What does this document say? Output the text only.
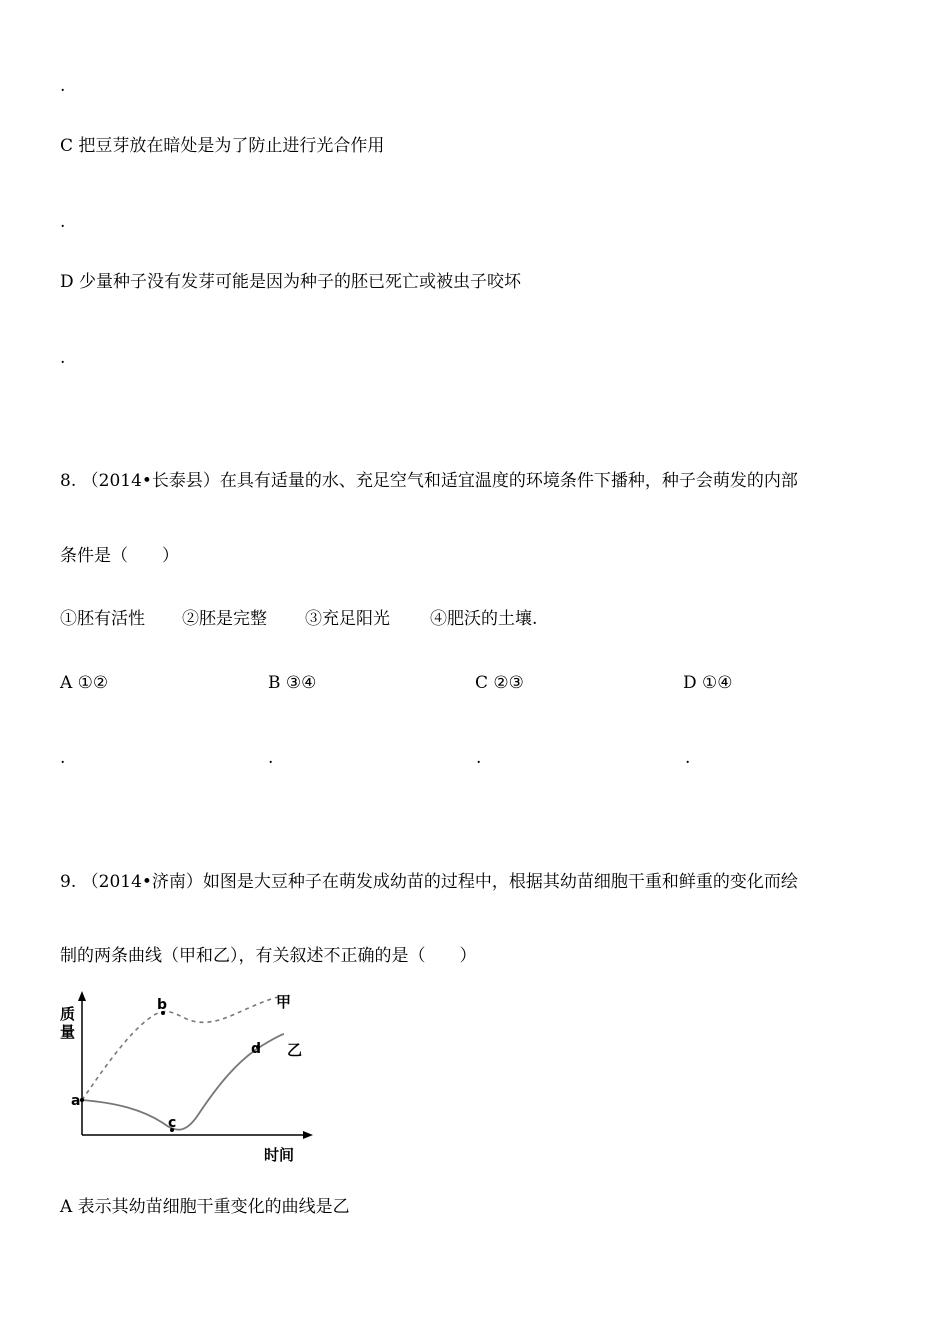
.
C 把豆芽放在暗处是为了防止进行光合作用
.
D 少量种子没有发芽可能是因为种子的胚已死亡或被虫子咬坏
.
8. （2014•长泰县）在具有适量的水、充足空气和适宜温度的环境条件下播种，种子会萌发的内部
条件是（　　）
①胚有活性 ②胚是完整 ③充足阳光 ④肥沃的土壤.
A ①②	B ③④	C ②③	D ①④
.	.	.	.
9. （2014•济南）如图是大豆种子在萌发成幼苗的过程中，根据其幼苗细胞干重和鲜重的变化而绘
制的两条曲线（甲和乙），有关叙述不正确的是（　　）
质
量
时间
甲
乙
a
b
c
d
A 表示其幼苗细胞干重变化的曲线是乙
